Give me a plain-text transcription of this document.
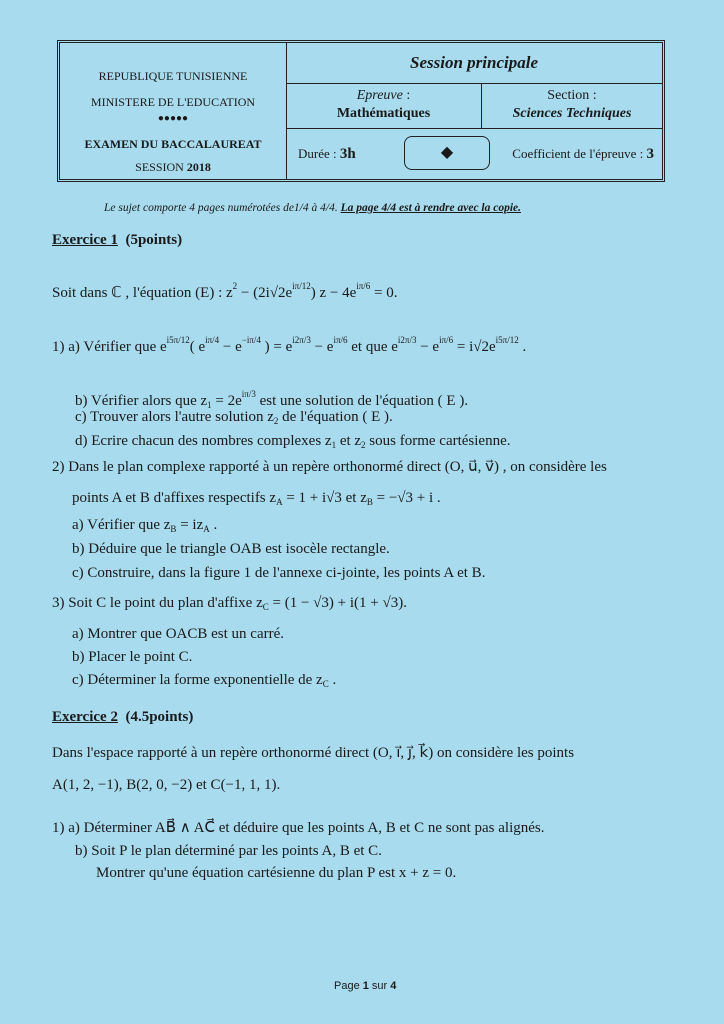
REPUBLIQUE TUNISIENNE
MINISTERE DE L'EDUCATION
●●●●●
EXAMEN DU BACCALAUREAT
SESSION 2018
Session principale
Epreuve :
Mathématiques
Section :
Sciences Techniques
Durée : 3h	◆	Coefficient de l'épreuve : 3
Le sujet comporte 4 pages numérotées de1/4 à 4/4. La page 4/4 est à rendre avec la copie.
Exercice 1  (5points)
Soit dans ℂ , l'équation (E) : $z^2 - (2i√2e^{i\pi/12}) z - 4e^{i\pi/6} = 0$.
1) a) Vérifier que $e^{i5\pi/12}$( $e^{i\pi/4} - e^{-i\pi/4}$ ) = $e^{i2\pi/3} - e^{i\pi/6}$ et que $e^{i2\pi/3} - e^{i\pi/6} = i√2e^{i5\pi/12}$ .
b) Vérifier alors que $z_1 = 2e^{i\pi/3}$ est une solution de l'équation ( E ).
c) Trouver alors l'autre solution $z_2$ de l'équation ( E ).
d) Ecrire chacun des nombres complexes $z_1$ et $z_2$ sous forme cartésienne.
2) Dans le plan complexe rapporté à un repère orthonormé direct (O, u⃗, v⃗) , on considère les
points A et B d'affixes respectifs $z_A = 1 + i√3$ et $z_B = -√3 + i$ .
a) Vérifier que $z_B = iz_A$ .
b) Déduire que le triangle OAB est isocèle rectangle.
c) Construire, dans la figure 1 de l'annexe ci-jointe, les points A et B.
3) Soit C le point du plan d'affixe $z_C = (1 - √3) + i(1 + √3)$.
a) Montrer que OACB est un carré.
b) Placer le point C.
c) Déterminer la forme exponentielle de $z_C$ .
Exercice 2  (4.5points)
Dans l'espace rapporté à un repère orthonormé direct (O, i⃗, j⃗, k⃗) on considère les points
A(1, 2, −1), B(2, 0, −2) et C(−1, 1, 1).
1) a) Déterminer AB⃗ ∧ AC⃗ et déduire que les points A, B et C ne sont pas alignés.
b) Soit P le plan déterminé par les points A, B et C.
Montrer qu'une équation cartésienne du plan P est x + z = 0.
Page 1 sur 4
